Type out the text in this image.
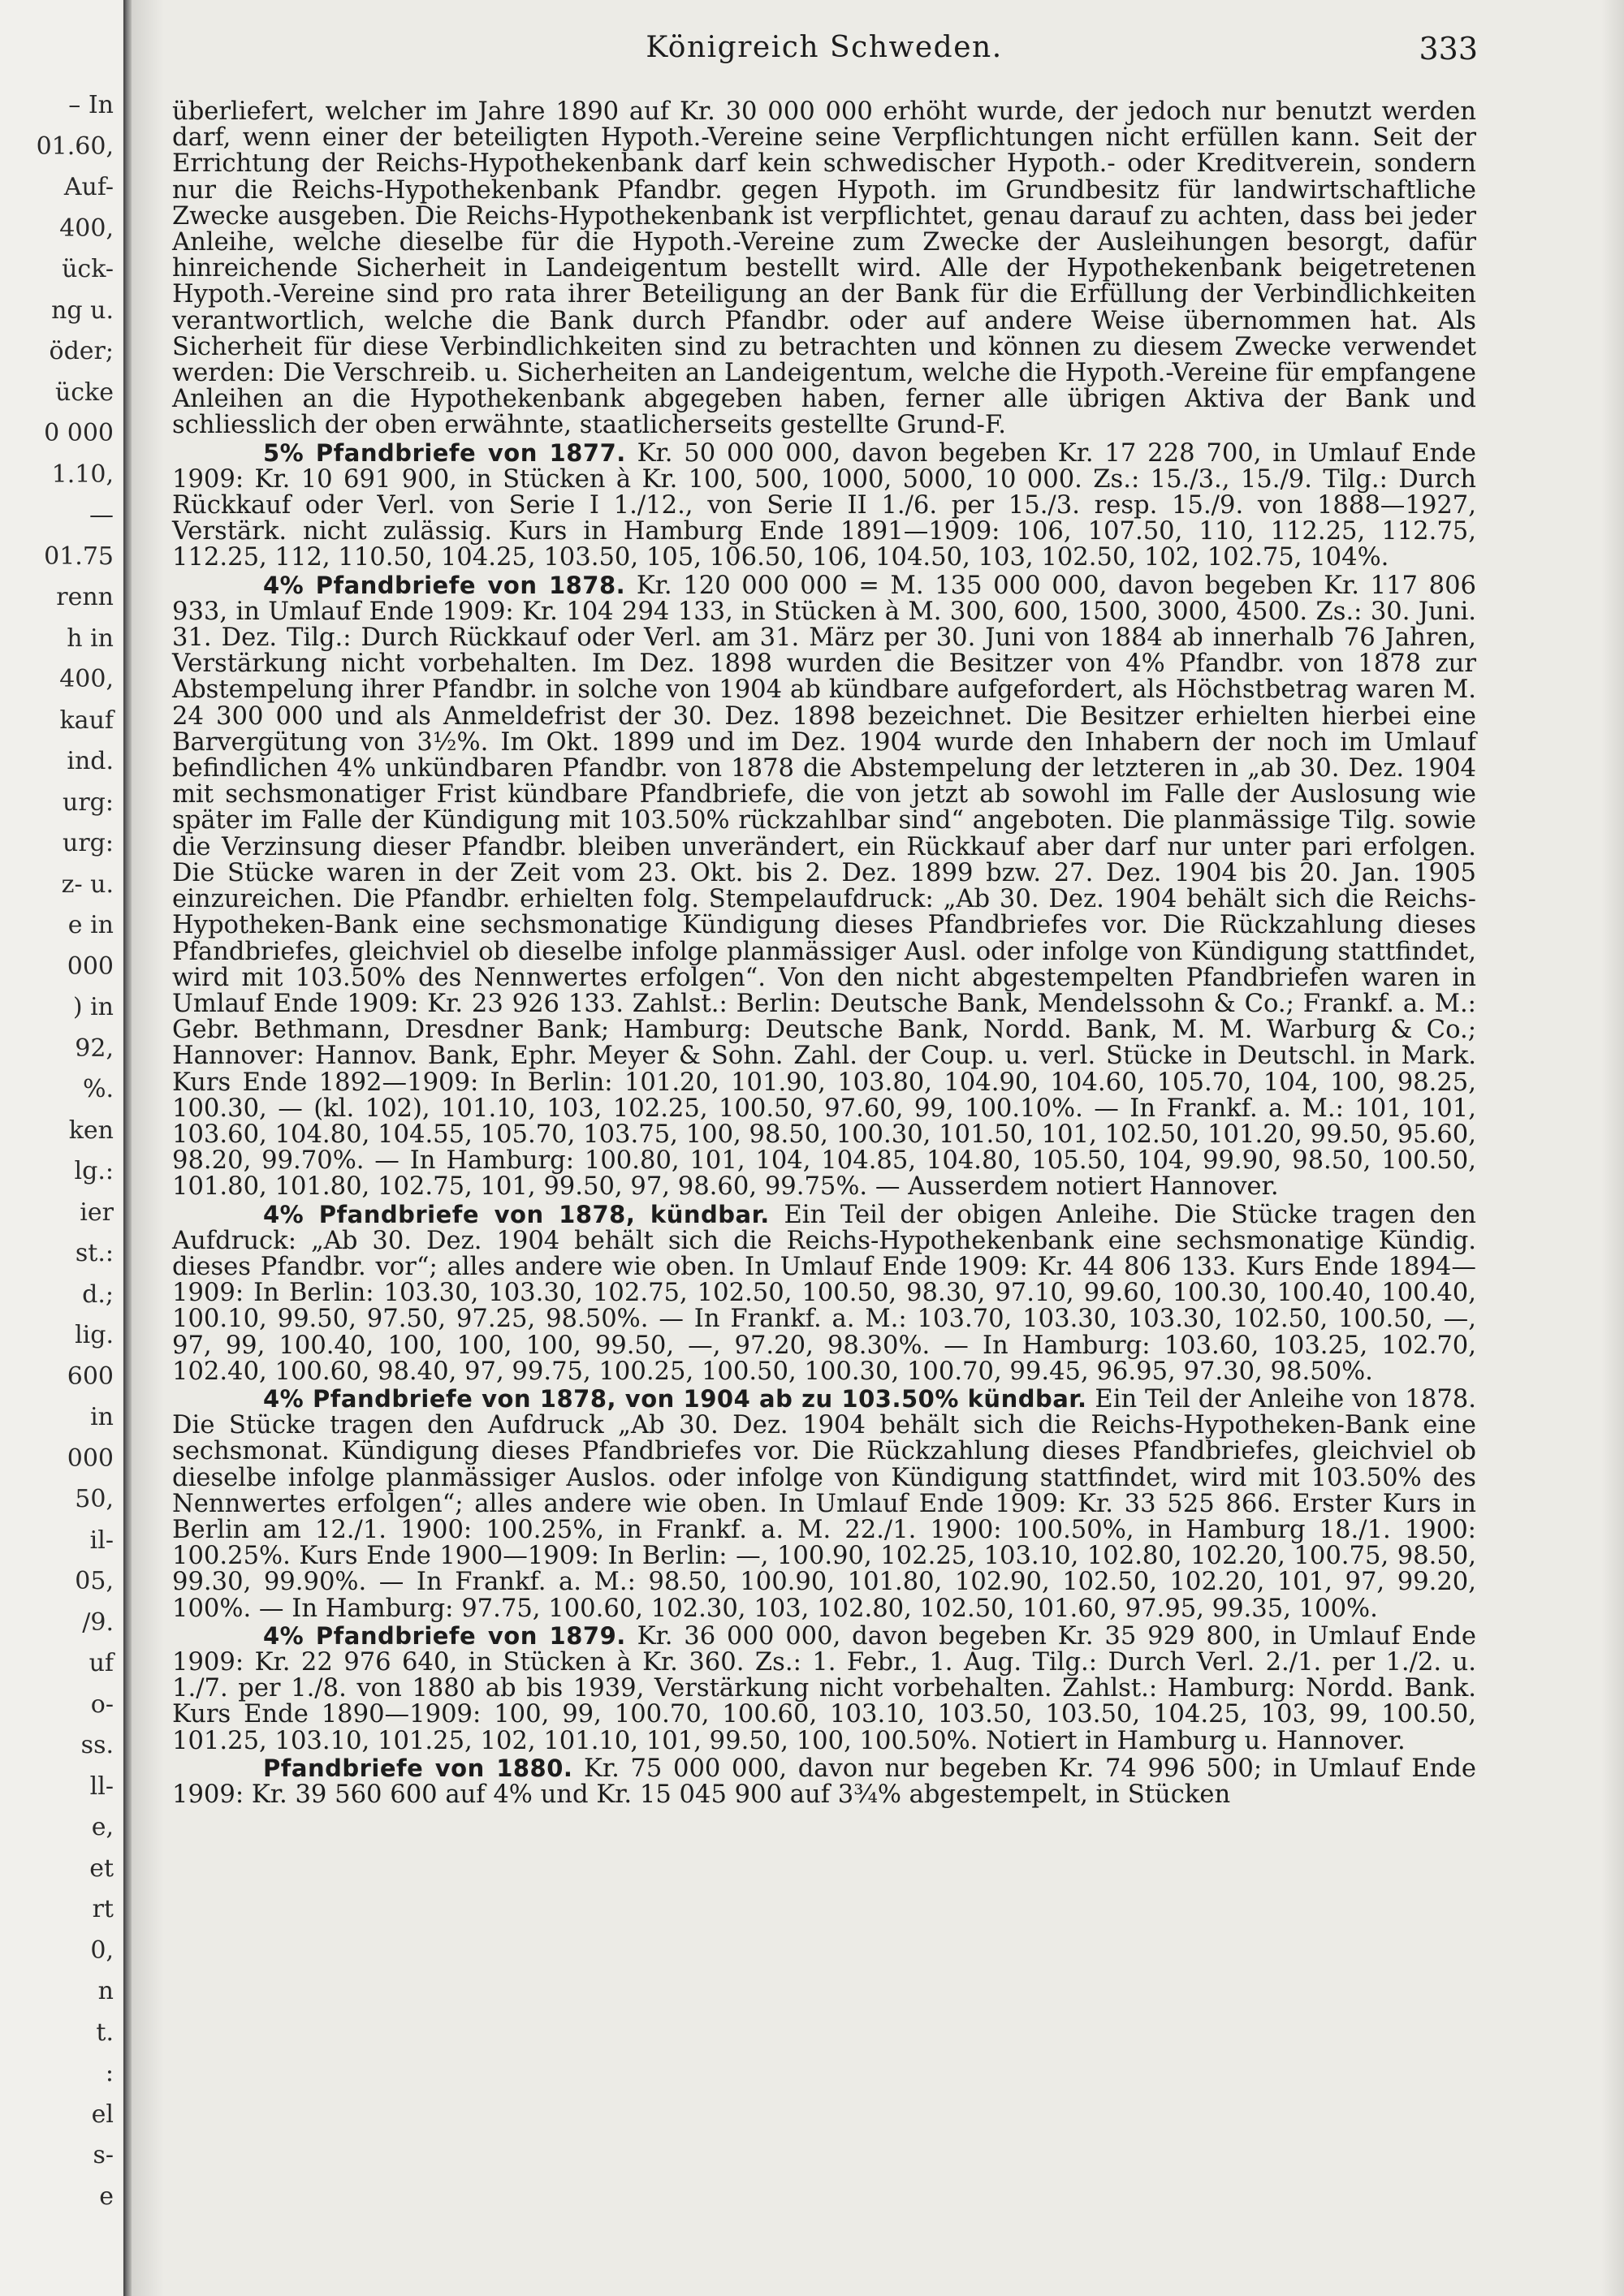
– In
01.60,
Auf-
400,
ück-
ng u.
öder;
ücke
0 000
1.10,
—
01.75
renn
h in
400,
kauf
ind.
urg:
urg:
z- u.
e in
000
) in
92,
%.
ken
lg.:
ier
st.:
d.;
lig.
600
in
000
50,
il-
05,
/9.
uf
o-
ss.
ll-
e,
et
rt
0,
n
t.
:
el
s-
e
Königreich Schweden.	333

überliefert, welcher im Jahre 1890 auf Kr. 30 000 000 erhöht wurde, der jedoch nur benutzt werden darf, wenn einer der beteiligten Hypoth.-Vereine seine Verpflichtungen nicht erfüllen kann. Seit der Errichtung der Reichs-Hypothekenbank darf kein schwedischer Hypoth.- oder Kreditverein, sondern nur die Reichs-Hypothekenbank Pfandbr. gegen Hypoth. im Grundbesitz für landwirtschaftliche Zwecke ausgeben. Die Reichs-Hypothekenbank ist verpflichtet, genau darauf zu achten, dass bei jeder Anleihe, welche dieselbe für die Hypoth.-Vereine zum Zwecke der Ausleihungen besorgt, dafür hinreichende Sicherheit in Landeigentum bestellt wird. Alle der Hypothekenbank beigetretenen Hypoth.-Vereine sind pro rata ihrer Beteiligung an der Bank für die Erfüllung der Verbindlichkeiten verantwortlich, welche die Bank durch Pfandbr. oder auf andere Weise übernommen hat. Als Sicherheit für diese Verbindlichkeiten sind zu betrachten und können zu diesem Zwecke verwendet werden: Die Verschreib. u. Sicherheiten an Landeigentum, welche die Hypoth.-Vereine für empfangene Anleihen an die Hypothekenbank abgegeben haben, ferner alle übrigen Aktiva der Bank und schliesslich der oben erwähnte, staatlicherseits gestellte Grund-F.

5% Pfandbriefe von 1877. Kr. 50 000 000, davon begeben Kr. 17 228 700, in Umlauf Ende 1909: Kr. 10 691 900, in Stücken à Kr. 100, 500, 1000, 5000, 10 000. Zs.: 15./3., 15./9. Tilg.: Durch Rückkauf oder Verl. von Serie I 1./12., von Serie II 1./6. per 15./3. resp. 15./9. von 1888—1927, Verstärk. nicht zulässig. Kurs in Hamburg Ende 1891—1909: 106, 107.50, 110, 112.25, 112.75, 112.25, 112, 110.50, 104.25, 103.50, 105, 106.50, 106, 104.50, 103, 102.50, 102, 102.75, 104%.

4% Pfandbriefe von 1878. Kr. 120 000 000 = M. 135 000 000, davon begeben Kr. 117 806 933, in Umlauf Ende 1909: Kr. 104 294 133, in Stücken à M. 300, 600, 1500, 3000, 4500. Zs.: 30. Juni. 31. Dez. Tilg.: Durch Rückkauf oder Verl. am 31. März per 30. Juni von 1884 ab innerhalb 76 Jahren, Verstärkung nicht vorbehalten. Im Dez. 1898 wurden die Besitzer von 4% Pfandbr. von 1878 zur Abstempelung ihrer Pfandbr. in solche von 1904 ab kündbare aufgefordert, als Höchstbetrag waren M. 24 300 000 und als Anmeldefrist der 30. Dez. 1898 bezeichnet. Die Besitzer erhielten hierbei eine Barvergütung von 3½%. Im Okt. 1899 und im Dez. 1904 wurde den Inhabern der noch im Umlauf befindlichen 4% unkündbaren Pfandbr. von 1878 die Abstempelung der letzteren in „ab 30. Dez. 1904 mit sechsmonatiger Frist kündbare Pfandbriefe, die von jetzt ab sowohl im Falle der Auslosung wie später im Falle der Kündigung mit 103.50% rückzahlbar sind“ angeboten. Die planmässige Tilg. sowie die Verzinsung dieser Pfandbr. bleiben unverändert, ein Rückkauf aber darf nur unter pari erfolgen. Die Stücke waren in der Zeit vom 23. Okt. bis 2. Dez. 1899 bzw. 27. Dez. 1904 bis 20. Jan. 1905 einzureichen. Die Pfandbr. erhielten folg. Stempelaufdruck: „Ab 30. Dez. 1904 behält sich die Reichs-Hypotheken-Bank eine sechsmonatige Kündigung dieses Pfandbriefes vor. Die Rückzahlung dieses Pfandbriefes, gleichviel ob dieselbe infolge planmässiger Ausl. oder infolge von Kündigung stattfindet, wird mit 103.50% des Nennwertes erfolgen“. Von den nicht abgestempelten Pfandbriefen waren in Umlauf Ende 1909: Kr. 23 926 133. Zahlst.: Berlin: Deutsche Bank, Mendelssohn & Co.; Frankf. a. M.: Gebr. Bethmann, Dresdner Bank; Hamburg: Deutsche Bank, Nordd. Bank, M. M. Warburg & Co.; Hannover: Hannov. Bank, Ephr. Meyer & Sohn. Zahl. der Coup. u. verl. Stücke in Deutschl. in Mark. Kurs Ende 1892—1909: In Berlin: 101.20, 101.90, 103.80, 104.90, 104.60, 105.70, 104, 100, 98.25, 100.30, — (kl. 102), 101.10, 103, 102.25, 100.50, 97.60, 99, 100.10%. — In Frankf. a. M.: 101, 101, 103.60, 104.80, 104.55, 105.70, 103.75, 100, 98.50, 100.30, 101.50, 101, 102.50, 101.20, 99.50, 95.60, 98.20, 99.70%. — In Hamburg: 100.80, 101, 104, 104.85, 104.80, 105.50, 104, 99.90, 98.50, 100.50, 101.80, 101.80, 102.75, 101, 99.50, 97, 98.60, 99.75%. — Ausserdem notiert Hannover.

4% Pfandbriefe von 1878, kündbar. Ein Teil der obigen Anleihe. Die Stücke tragen den Aufdruck: „Ab 30. Dez. 1904 behält sich die Reichs-Hypothekenbank eine sechsmonatige Kündig. dieses Pfandbr. vor“; alles andere wie oben. In Umlauf Ende 1909: Kr. 44 806 133. Kurs Ende 1894—1909: In Berlin: 103.30, 103.30, 102.75, 102.50, 100.50, 98.30, 97.10, 99.60, 100.30, 100.40, 100.40, 100.10, 99.50, 97.50, 97.25, 98.50%. — In Frankf. a. M.: 103.70, 103.30, 103.30, 102.50, 100.50, —, 97, 99, 100.40, 100, 100, 100, 99.50, —, 97.20, 98.30%. — In Hamburg: 103.60, 103.25, 102.70, 102.40, 100.60, 98.40, 97, 99.75, 100.25, 100.50, 100.30, 100.70, 99.45, 96.95, 97.30, 98.50%.

4% Pfandbriefe von 1878, von 1904 ab zu 103.50% kündbar. Ein Teil der Anleihe von 1878. Die Stücke tragen den Aufdruck „Ab 30. Dez. 1904 behält sich die Reichs-Hypotheken-Bank eine sechsmonat. Kündigung dieses Pfandbriefes vor. Die Rückzahlung dieses Pfandbriefes, gleichviel ob dieselbe infolge planmässiger Auslos. oder infolge von Kündigung stattfindet, wird mit 103.50% des Nennwertes erfolgen“; alles andere wie oben. In Umlauf Ende 1909: Kr. 33 525 866. Erster Kurs in Berlin am 12./1. 1900: 100.25%, in Frankf. a. M. 22./1. 1900: 100.50%, in Hamburg 18./1. 1900: 100.25%. Kurs Ende 1900—1909: In Berlin: —, 100.90, 102.25, 103.10, 102.80, 102.20, 100.75, 98.50, 99.30, 99.90%. — In Frankf. a. M.: 98.50, 100.90, 101.80, 102.90, 102.50, 102.20, 101, 97, 99.20, 100%. — In Hamburg: 97.75, 100.60, 102.30, 103, 102.80, 102.50, 101.60, 97.95, 99.35, 100%.

4% Pfandbriefe von 1879. Kr. 36 000 000, davon begeben Kr. 35 929 800, in Umlauf Ende 1909: Kr. 22 976 640, in Stücken à Kr. 360. Zs.: 1. Febr., 1. Aug. Tilg.: Durch Verl. 2./1. per 1./2. u. 1./7. per 1./8. von 1880 ab bis 1939, Verstärkung nicht vorbehalten. Zahlst.: Hamburg: Nordd. Bank. Kurs Ende 1890—1909: 100, 99, 100.70, 100.60, 103.10, 103.50, 103.50, 104.25, 103, 99, 100.50, 101.25, 103.10, 101.25, 102, 101.10, 101, 99.50, 100, 100.50%. Notiert in Hamburg u. Hannover.

Pfandbriefe von 1880. Kr. 75 000 000, davon nur begeben Kr. 74 996 500; in Umlauf Ende 1909: Kr. 39 560 600 auf 4% und Kr. 15 045 900 auf 3¾% abgestempelt, in Stücken
